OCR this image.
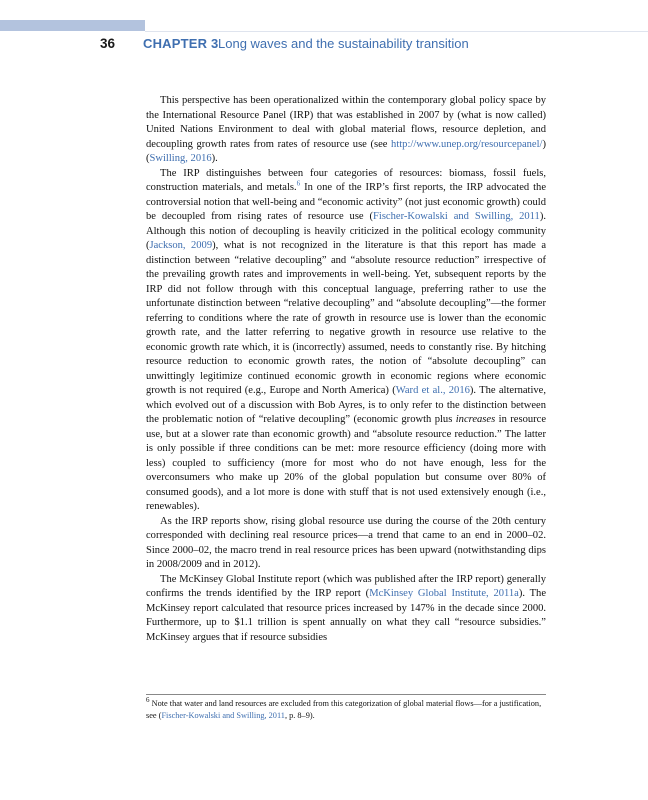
36 CHAPTER 3 Long waves and the sustainability transition

This perspective has been operationalized within the contemporary global policy space by the International Resource Panel (IRP) that was established in 2007 by (what is now called) United Nations Environment to deal with global material flows, resource depletion, and decoupling growth rates from rates of resource use (see http://www.unep.org/resourcepanel/) (Swilling, 2016).

The IRP distinguishes between four categories of resources: biomass, fossil fuels, construction materials, and metals.$^6$ In one of the IRP’s first reports, the IRP advocated the controversial notion that well-being and “economic activity” (not just economic growth) could be decoupled from rising rates of resource use (Fischer-Kowalski and Swilling, 2011). Although this notion of decoupling is heavily criticized in the political ecology community (Jackson, 2009), what is not recognized in the literature is that this report has made a distinction between “relative decoupling” and “absolute resource reduction” irrespective of the prevailing growth rates and improvements in well-being. Yet, subsequent reports by the IRP did not follow through with this conceptual language, preferring rather to use the unfortunate distinction between “relative decoupling” and “absolute decoupling”—the former referring to conditions where the rate of growth in resource use is lower than the economic growth rate, and the latter referring to negative growth in resource use relative to the economic growth rate which, it is (incorrectly) assumed, needs to constantly rise. By hitching resource reduction to economic growth rates, the notion of “absolute decoupling” can unwittingly legitimize continued economic growth in economic regions where economic growth is not required (e.g., Europe and North America) (Ward et al., 2016). The alternative, which evolved out of a discussion with Bob Ayres, is to only refer to the distinction between the problematic notion of “relative decoupling” (economic growth plus increases in resource use, but at a slower rate than economic growth) and “absolute resource reduction.” The latter is only possible if three conditions can be met: more resource efficiency (doing more with less) coupled to sufficiency (more for most who do not have enough, less for the overconsumers who make up 20% of the global population but consume over 80% of consumed goods), and a lot more is done with stuff that is not used extensively enough (i.e., renewables).

As the IRP reports show, rising global resource use during the course of the 20th century corresponded with declining real resource prices—a trend that came to an end in 2000–02. Since 2000–02, the macro trend in real resource prices has been upward (notwithstanding dips in 2008/2009 and in 2012).

The McKinsey Global Institute report (which was published after the IRP report) generally confirms the trends identified by the IRP report (McKinsey Global Institute, 2011a). The McKinsey report calculated that resource prices increased by 147% in the decade since 2000. Furthermore, up to $1.1 trillion is spent annually on what they call “resource subsidies.” McKinsey argues that if resource subsidies

$^6$ Note that water and land resources are excluded from this categorization of global material flows—for a justification, see (Fischer-Kowalski and Swilling, 2011, p. 8–9).
